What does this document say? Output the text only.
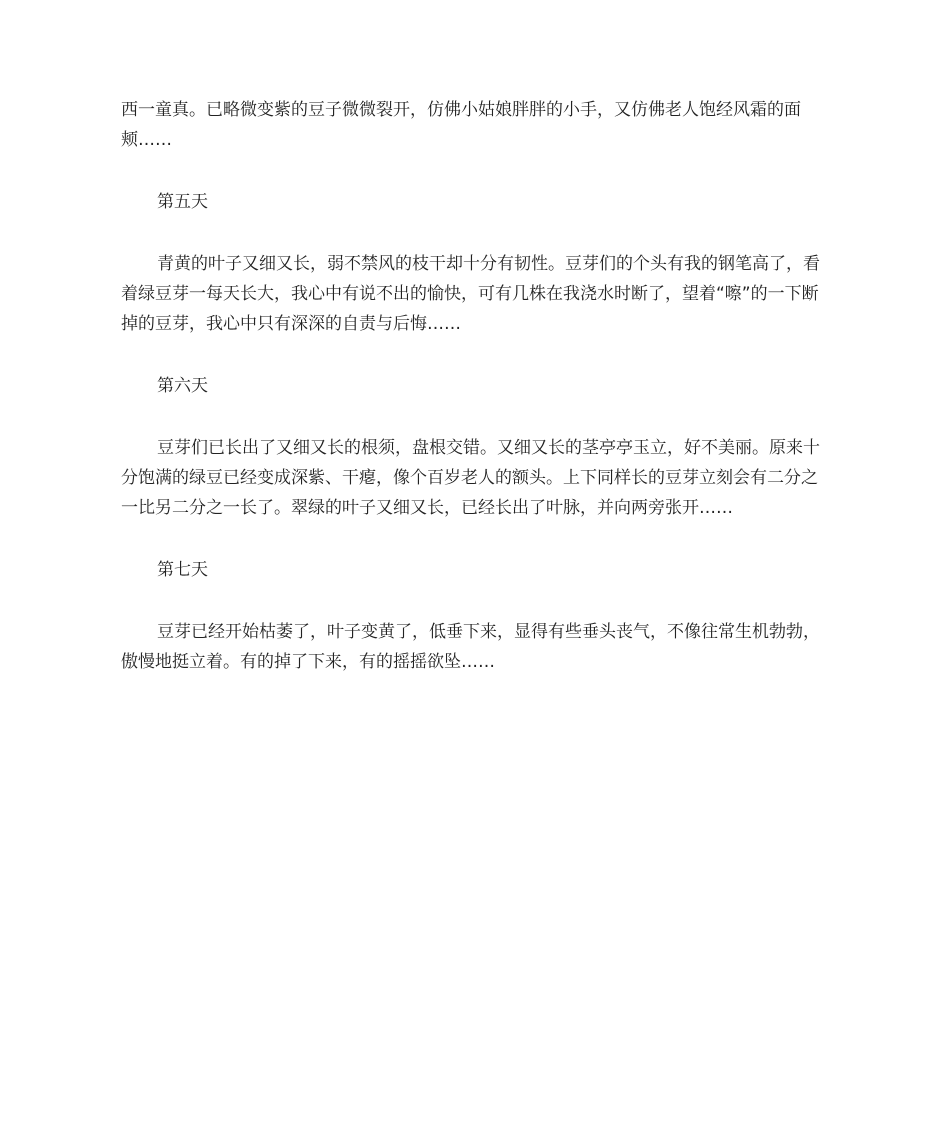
西一童真。已略微变紫的豆子微微裂开，仿佛小姑娘胖胖的小手，又仿佛老人饱经风霜的面颊……

第五天

青黄的叶子又细又长，弱不禁风的枝干却十分有韧性。豆芽们的个头有我的钢笔高了，看着绿豆芽一每天长大，我心中有说不出的愉快，可有几株在我浇水时断了，望着“嚓”的一下断掉的豆芽，我心中只有深深的自责与后悔……

第六天

豆芽们已长出了又细又长的根须，盘根交错。又细又长的茎亭亭玉立，好不美丽。原来十分饱满的绿豆已经变成深紫、干瘪，像个百岁老人的额头。上下同样长的豆芽立刻会有二分之一比另二分之一长了。翠绿的叶子又细又长，已经长出了叶脉，并向两旁张开……

第七天

豆芽已经开始枯萎了，叶子变黄了，低垂下来，显得有些垂头丧气，不像往常生机勃勃，傲慢地挺立着。有的掉了下来，有的摇摇欲坠……
